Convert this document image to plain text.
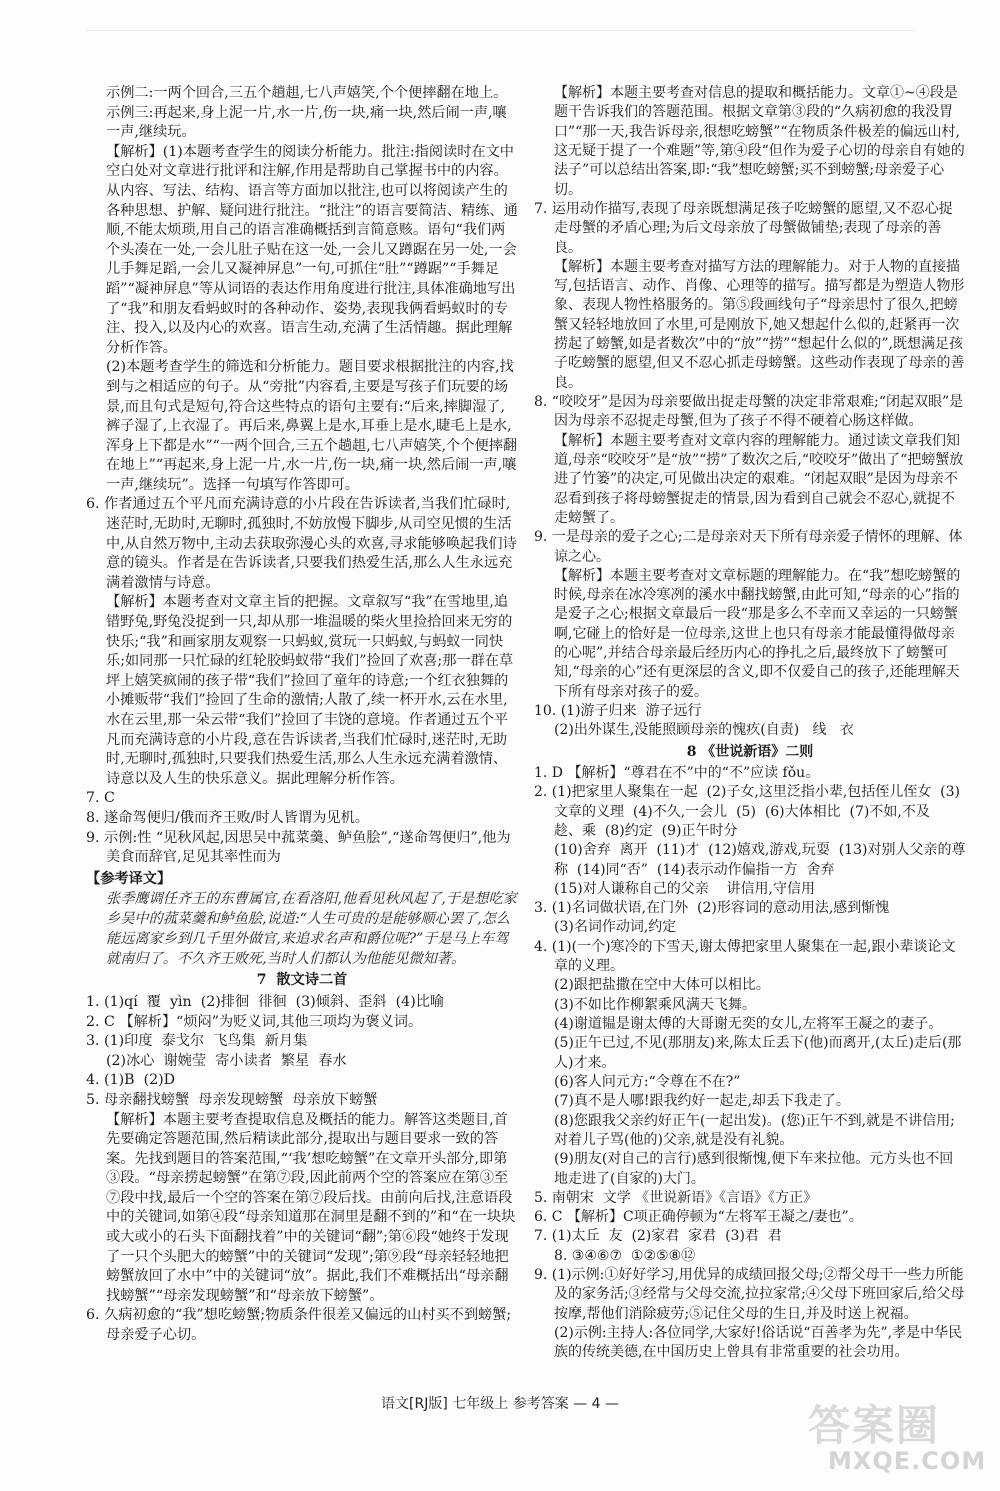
示例二:一两个回合,三五个趟趄,七八声嬉笑,个个便摔翻在地上。

示例三:再起来,身上泥一片,水一片,伤一块,痛一块,然后闹一声,嚷一声,继续玩。

【解析】(1)本题考查学生的阅读分析能力。批注:指阅读时在文中空白处对文章进行批评和注解,作用是帮助自己掌握书中的内容。从内容、写法、结构、语言等方面加以批注,也可以将阅读产生的各种思想、护解、疑问进行批注。“批注”的语言要简洁、精练、通顺,不能太烦琐,用自己的语言准确概括到言简意赅。语句“我们两个头凑在一处,一会儿肚子贴在这一处,一会儿又蹲踞在另一处,一会儿手舞足蹈,一会儿又凝神屏息”一句,可抓住“肚”“蹲踞”“手舞足蹈”“凝神屏息”等从词语的表达作用角度进行批注,具体准确地写出了“我”和朋友看蚂蚁时的各种动作、姿势,表现我俩看蚂蚁时的专注、投入,以及内心的欢喜。语言生动,充满了生活情趣。据此理解分析作答。

(2)本题考查学生的筛选和分析能力。题目要求根据批注的内容,找到与之相适应的句子。从“旁批”内容看,主要是写孩子们玩要的场景,而且句式是短句,符合这些特点的语句主要有:“后来,摔脚湿了,裤子湿了,上衣湿了。再后来,鼻翼上是水,耳垂上是水,睫毛上是水,浑身上下都是水”“一两个回合,三五个趟趄,七八声嬉笑,个个便摔翻在地上”“再起来,身上泥一片,水一片,伤一块,痛一块,然后闹一声,嚷一声,继续玩”。选择一句填写作答即可。

6. 作者通过五个平凡而充满诗意的小片段在告诉读者,当我们忙碌时,迷茫时,无助时,无聊时,孤独时,不妨放慢下脚步,从司空见惯的生活中,从自然万物中,主动去获取弥漫心头的欢喜,寻求能够唤起我们诗意的镜头。作者是在告诉读者,只要我们热爱生活,那么人生永远充满着激情与诗意。

【解析】本题考查对文章主旨的把握。文章叙写“我”在雪地里,追错野兔,野兔没捉到一只,却从那一堆温暖的柴火里捡拾回来无穷的快乐;“我”和画家朋友观察一只蚂蚁,赏玩一只蚂蚁,与蚂蚁一同快乐;如同那一只忙碌的红轮胶蚂蚁带“我们”捡回了欢喜;那一群在草坪上嬉笑疯闹的孩子带“我们”捡回了童年的诗意;一个红衣独舞的小摊贩带“我们”捡回了生命的激情;人散了,续一杯开水,云在水里,水在云里,那一朵云带“我们”捡回了丰饶的意境。作者通过五个平凡而充满诗意的小片段,意在告诉读者,当我们忙碌时,迷茫时,无助时,无聊时,孤独时,只要我们热爱生活,那么人生永远充满着激情、诗意以及人生的快乐意义。据此理解分析作答。

7. C

8. 遂命驾便归/俄而齐王败/时人皆谓为见机。

9. 示例:性 “见秋风起,因思吴中菰菜羹、鲈鱼脍”,“遂命驾便归”,他为美食而辞官,足见其率性而为

【参考译文】

张季鹰调任齐王的东曹属官,在看洛阳,他看见秋风起了,于是想吃家乡吴中的菰菜羹和鲈鱼脍,说道:“人生可贵的是能够顺心罢了,怎么能远离家乡到几千里外做官,来追求名声和爵位呢?”于是马上车驾就南归了。不久齐王败死,当时人们都认为他能见微知著。

7  散文诗二首

1. (1)qí  覆  yìn  (2)排徊  徘徊  (3)倾斜、歪斜  (4)比喻

2. C 【解析】“烦闷”为贬义词,其他三项均为褒义词。

3. (1)印度  泰戈尔  飞鸟集  新月集

(2)冰心  谢婉莹  寄小读者  繁星  春水

4. (1)B  (2)D

5. 母亲翻找螃蟹  母亲发现螃蟹  母亲放下螃蟹

【解析】本题主要考查提取信息及概括的能力。解答这类题目,首先要确定答题范围,然后精读此部分,提取出与题目要求一致的答案。先找到题目的答案范围,“‘我’想吃螃蟹”在文章开头部分,即第③段。“母亲捞起螃蟹”在第⑦段,因此前两个空的答案应在第③至⑦段中找,最后一个空的答案在第⑦段后找。由前向后找,注意语段中的关键词,如第④段“母亲知道那在洞里是翻不到的”和“在一块块或大或小的石头下面翻找着”中的关键词“翻”;第⑥段“她终于发现了一只个头肥大的螃蟹”中的关键词“发现”;第⑨段“母亲轻轻地把螃蟹放回了水中”中的关键词“放”。据此,我们不难概括出“母亲翻找螃蟹”“母亲发现螃蟹”和“母亲放下螃蟹”。

6. 久病初愈的“我”想吃螃蟹;物质条件很差又偏远的山村买不到螃蟹;母亲爱子心切。

【解析】本题主要考查对信息的提取和概括能力。文章①~④段是题干告诉我们的答题范围。根据文章第③段的“久病初愈的我没胃口”“那一天,我告诉母亲,很想吃螃蟹”“在物质条件极差的偏远山村,这无疑于提了一个难题”等,第④段“但作为爱子心切的母亲自有她的法子”可以总结出答案,即:“我”想吃螃蟹;买不到螃蟹;母亲爱子心切。

7. 运用动作描写,表现了母亲既想满足孩子吃螃蟹的愿望,又不忍心捉走母蟹的矛盾心理;为后文母亲放了母蟹做铺垫;表现了母亲的善良。

【解析】本题主要考查对描写方法的理解能力。对于人物的直接描写,包括语言、动作、肖像、心理等的描写。描写都是为塑造人物形象、表现人物性格服务的。第⑤段画线句子“母亲思忖了很久,把螃蟹又轻轻地放回了水里,可是刚放下,她又想起什么似的,赶紧再一次捞起了螃蟹,如是者数次”中的“放”“捞”“想起什么似的”,既想满足孩子吃螃蟹的愿望,但又不忍心抓走母螃蟹。这些动作表现了母亲的善良。

8. “咬咬牙”是因为母亲要做出捉走母蟹的决定非常艰难;“闭起双眼”是因为母亲不忍捉走母蟹,但为了孩子不得不硬着心肠这样做。

【解析】本题主要考查对文章内容的理解能力。通过读文章我们知道,母亲“咬咬牙”是“放”“捞”了数次之后,“咬咬牙”做出了“把螃蟹放进了竹篓”的决定,可见做出决定的艰难。“闭起双眼”是因为母亲不忍看到孩子将母螃蟹捉走的情景,因为看到自己就会不忍心,就捉不走螃蟹了。

9. 一是母亲的爱子之心;二是母亲对天下所有母亲爱子情怀的理解、体谅之心。

【解析】本题主要考查对文章标题的理解能力。在“我”想吃螃蟹的时候,母亲在冰冷寒冽的溪水中翻找螃蟹,由此可知,“母亲的心”指的是爱子之心;根据文章最后一段“那是多么不幸而又幸运的一只螃蟹啊,它碰上的恰好是一位母亲,这世上也只有母亲才能最懂得做母亲的心呢”,并结合母亲最后经历内心的挣扎之后,最终放下了螃蟹可知,“母亲的心”还有更深层的含义,即不仅爱自己的孩子,还能理解天下所有母亲对孩子的爱。

10. (1)游子归来  游子远行

(2)出外谋生,没能照顾母亲的愧疚(自责)   线   衣

8 《世说新语》二则

1. D 【解析】“尊君在不”中的“不”应读 fǒu。

2. (1)把家里人聚集在一起  (2)子女,这里泛指小辈,包括侄儿侄女  (3)文章的义理  (4)不久,一会儿  (5)  (6)大体相比  (7)不如,不及  趁、乘  (8)约定  (9)正午时分

(10)舍弃  离开  (11)才  (12)嬉戏,游戏,玩耍  (13)对别人父亲的尊称  (14)同“否”  (14)表示动作偏指一方  舍弃

(15)对人谦称自己的父亲    讲信用,守信用

3. (1)名词做状语,在门外  (2)形容词的意动用法,感到惭愧

(3)名词作动词,约定

4. (1)(一个)寒冷的下雪天,谢太傅把家里人聚集在一起,跟小辈谈论文章的义理。

(2)跟把盐撒在空中大体可以相比。

(3)不如比作柳絮乘风满天飞舞。

(4)谢道韫是谢太傅的大哥谢无奕的女儿,左将军王凝之的妻子。

(5)正午已过,不见(那朋友)来,陈太丘丢下(他)而离开,(太丘)走后(那人)才来。

(6)客人问元方:“令尊在不在?”

(7)真不是人哪!跟我约好一起走,却丢下我走了。

(8)您跟我父亲约好正午(一起出发)。(您)正午不到,就是不讲信用;对着儿子骂(他的)父亲,就是没有礼貌。

(9)朋友(对自己的言行)感到很惭愧,便下车来拉他。元方头也不回地走进了(自家的)大门。

5. 南朝宋  文学 《世说新语》《言语》《方正》

6. C 【解析】C项正确停顿为“左将军王凝之/妻也”。

7. (1)太丘  友  (2)家君  家君  (3)君  君

8. ③④⑥⑦  ①②⑤⑧⑫

9. (1)示例:①好好学习,用优异的成绩回报父母;②帮父母干一些力所能及的家务活;③经常与父母交流,拉拉家常;④父母下班回家后,给父母按摩,帮他们消除疲劳;⑤记住父母的生日,并及时送上祝福。

(2)示例:主持人:各位同学,大家好!俗话说“百善孝为先”,孝是中华民族的传统美德,在中国历史上曾具有非常重要的社会功用。

语文[RJ版] 七年级上 参考答案 — 4 —	答案圈
MXQE.COM
